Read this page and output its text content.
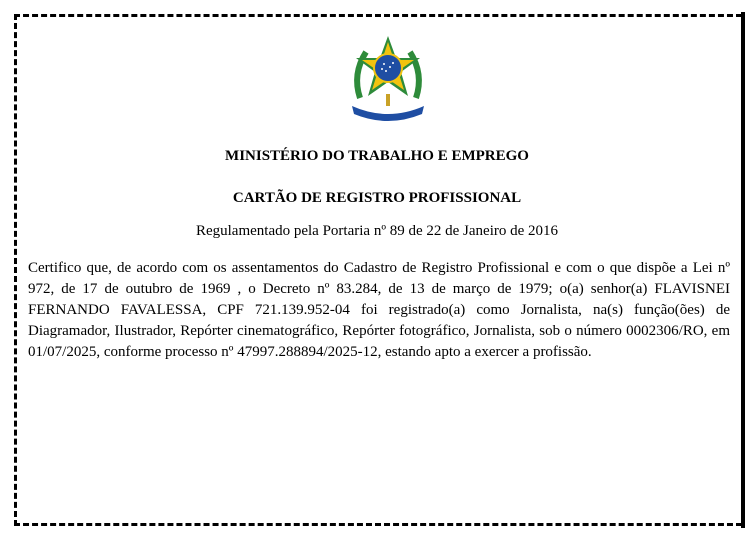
MINISTÉRIO DO TRABALHO E EMPREGO
CARTÃO DE REGISTRO PROFISSIONAL
Regulamentado pela Portaria nº 89 de 22 de Janeiro de 2016

Certifico que, de acordo com os assentamentos do Cadastro de Registro Profissional e com o que dispõe a Lei nº 972, de 17 de outubro de 1969 , o Decreto nº 83.284, de 13 de março de 1979; o(a) senhor(a) FLAVISNEI FERNANDO FAVALESSA, CPF 721.139.952-04 foi registrado(a) como Jornalista, na(s) função(ões) de Diagramador, Ilustrador, Repórter cinematográfico, Repórter fotográfico, Jornalista, sob o número 0002306/RO, em 01/07/2025, conforme processo nº 47997.288894/2025-12, estando apto a exercer a profissão.
